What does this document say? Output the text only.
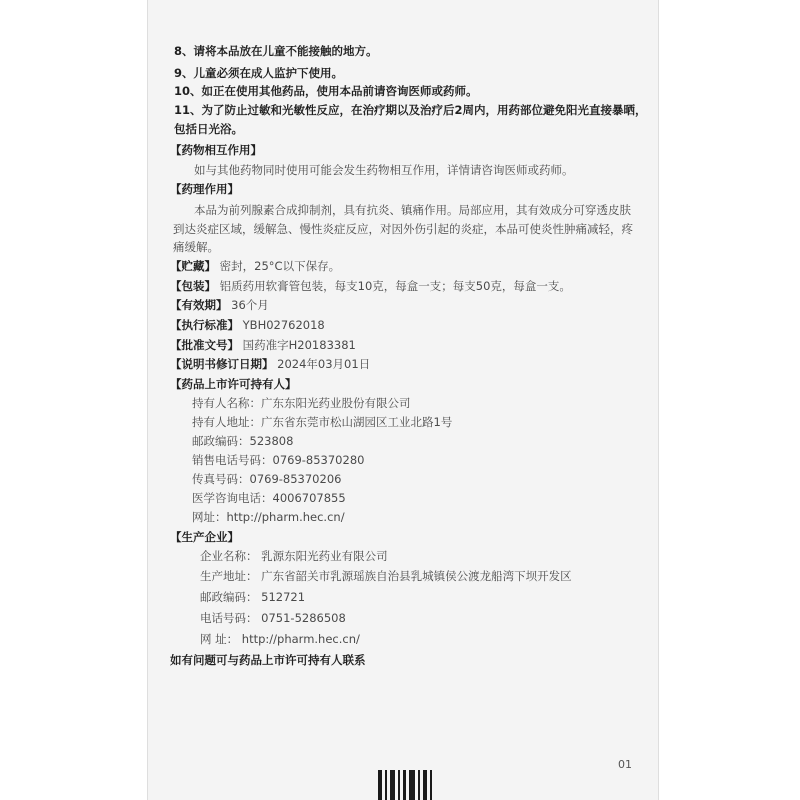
8、请将本品放在儿童不能接触的地方。
9、儿童必须在成人监护下使用。
10、如正在使用其他药品，使用本品前请咨询医师或药师。
11、为了防止过敏和光敏性反应，在治疗期以及治疗后2周内，用药部位避免阳光直接暴晒，
包括日光浴。
【药物相互作用】
如与其他药物同时使用可能会发生药物相互作用，详情请咨询医师或药师。
【药理作用】
本品为前列腺素合成抑制剂，具有抗炎、镇痛作用。局部应用，其有效成分可穿透皮肤
到达炎症区域，缓解急、慢性炎症反应，对因外伤引起的炎症，本品可使炎性肿痛减轻，疼
痛缓解。
【贮藏】 密封，25°C以下保存。
【包装】 铝质药用软膏管包装，每支10克，每盒一支；每支50克，每盒一支。
【有效期】 36个月
【执行标准】 YBH02762018
【批准文号】 国药准字H20183381
【说明书修订日期】 2024年03月01日
【药品上市许可持有人】
持有人名称：广东东阳光药业股份有限公司
持有人地址：广东省东莞市松山湖园区工业北路1号
邮政编码：523808
销售电话号码：0769-85370280
传真号码：0769-85370206
医学咨询电话：4006707855
网址：http://pharm.hec.cn/
【生产企业】
企业名称： 乳源东阳光药业有限公司
生产地址： 广东省韶关市乳源瑶族自治县乳城镇侯公渡龙船湾下坝开发区
邮政编码： 512721
电话号码： 0751-5286508
网 址： http://pharm.hec.cn/
如有问题可与药品上市许可持有人联系
01
